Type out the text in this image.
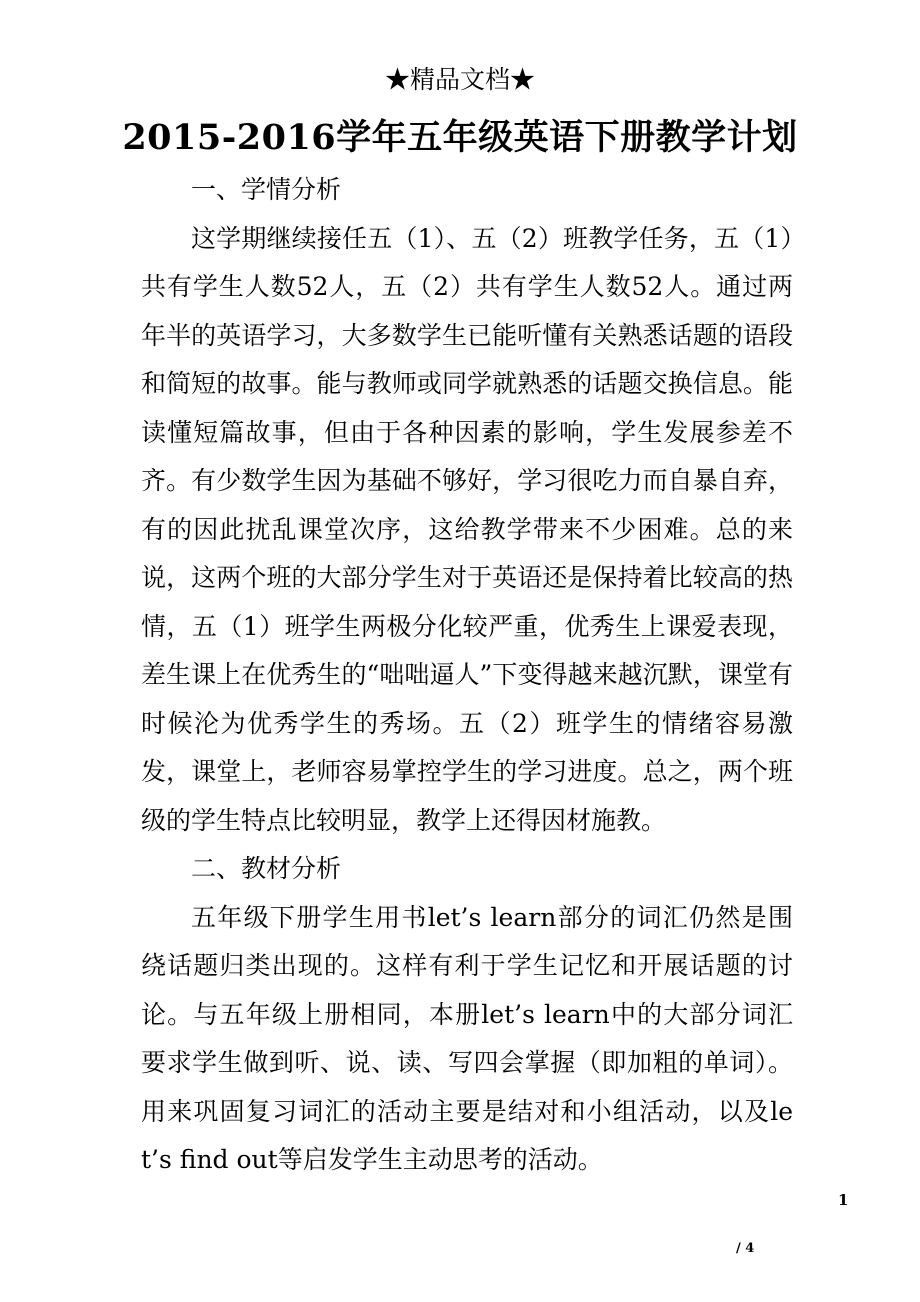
★精品文档★
2015-2016学年五年级英语下册教学计划

一、学情分析

这学期继续接任五（1）、五（2）班教学任务，五（1）共有学生人数52人，五（2）共有学生人数52人。通过两年半的英语学习，大多数学生已能听懂有关熟悉话题的语段和简短的故事。能与教师或同学就熟悉的话题交换信息。能读懂短篇故事，但由于各种因素的影响，学生发展参差不齐。有少数学生因为基础不够好，学习很吃力而自暴自弃，有的因此扰乱课堂次序，这给教学带来不少困难。总的来说，这两个班的大部分学生对于英语还是保持着比较高的热情，五（1）班学生两极分化较严重，优秀生上课爱表现，差生课上在优秀生的“咄咄逼人”下变得越来越沉默，课堂有时候沦为优秀学生的秀场。五（2）班学生的情绪容易激发，课堂上，老师容易掌控学生的学习进度。总之，两个班级的学生特点比较明显，教学上还得因材施教。

二、教材分析

五年级下册学生用书let’s learn部分的词汇仍然是围绕话题归类出现的。这样有利于学生记忆和开展话题的讨论。与五年级上册相同，本册let’s learn中的大部分词汇要求学生做到听、说、读、写四会掌握（即加粗的单词）。用来巩固复习词汇的活动主要是结对和小组活动，以及let’s find out等启发学生主动思考的活动。

1
/ 4
